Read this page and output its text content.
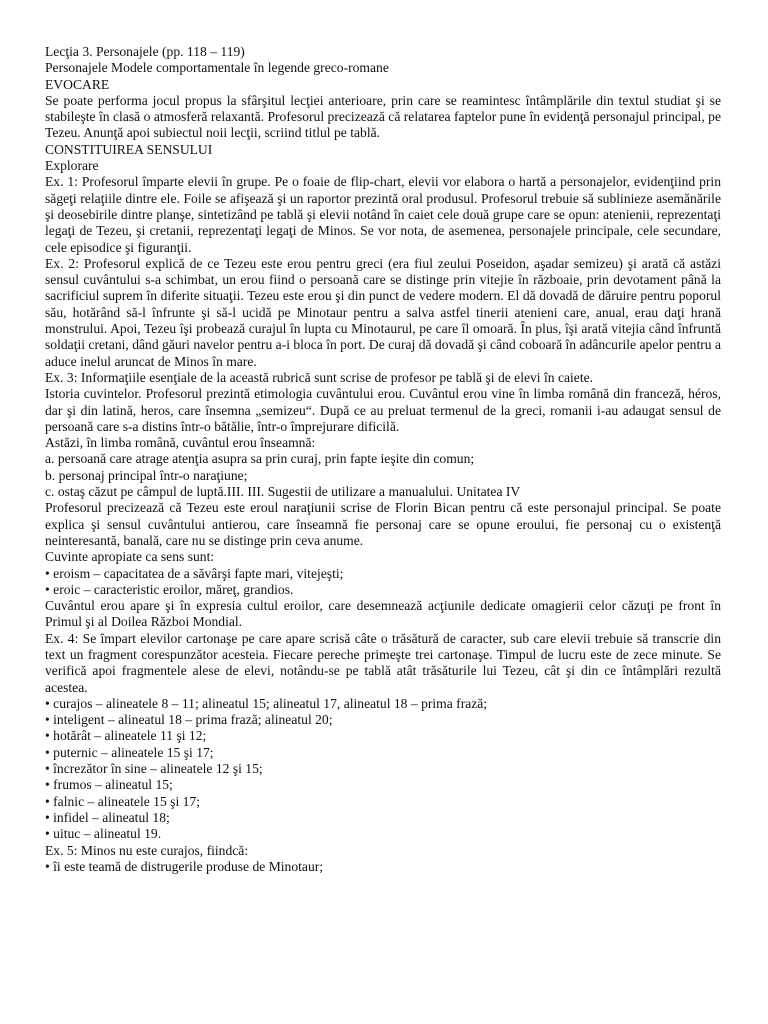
Lecţia 3. Personajele (pp. 118 – 119)

Personajele Modele comportamentale în legende greco-romane

EVOCARE

Se poate performa jocul propus la sfârşitul lecţiei anterioare, prin care se reamintesc întâmplările din textul studiat şi se stabileşte în clasă o atmosferă relaxantă. Profesorul precizează că relatarea faptelor pune în evidenţă personajul principal, pe Tezeu. Anunţă apoi subiectul noii lecţii, scriind titlul pe tablă.

CONSTITUIREA SENSULUI

Explorare

Ex. 1: Profesorul împarte elevii în grupe. Pe o foaie de flip-chart, elevii vor elabora o hartă a personajelor, evidenţiind prin săgeţi relaţiile dintre ele. Foile se afişează şi un raportor prezintă oral produsul. Profesorul trebuie să sublinieze asemănările şi deosebirile dintre planşe, sintetizând pe tablă şi elevii notând în caiet cele două grupe care se opun: atenienii, reprezentaţi legaţi de Tezeu, şi cretanii, reprezentaţi legaţi de Minos. Se vor nota, de asemenea, personajele principale, cele secundare, cele episodice şi figuranţii.

Ex. 2: Profesorul explică de ce Tezeu este erou pentru greci (era fiul zeului Poseidon, aşadar semizeu) şi arată că astăzi sensul cuvântului s-a schimbat, un erou fiind o persoană care se distinge prin vitejie în războaie, prin devotament până la sacrificiul suprem în diferite situaţii. Tezeu este erou şi din punct de vedere modern. El dă dovadă de dăruire pentru poporul său, hotărând să-l înfrunte şi să-l ucidă pe Minotaur pentru a salva astfel tinerii atenieni care, anual, erau daţi hrană monstrului. Apoi, Tezeu îşi probează curajul în lupta cu Minotaurul, pe care îl omoară. În plus, îşi arată vitejia când înfruntă soldaţii cretani, dând găuri navelor pentru a-i bloca în port. De curaj dă dovadă şi când coboară în adâncurile apelor pentru a aduce inelul aruncat de Minos în mare.

Ex. 3: Informaţiile esenţiale de la această rubrică sunt scrise de profesor pe tablă şi de elevi în caiete.

Istoria cuvintelor. Profesorul prezintă etimologia cuvântului erou. Cuvântul erou vine în limba română din franceză, héros, dar şi din latină, heros, care însemna „semizeu“. După ce au preluat termenul de la greci, romanii i-au adaugat sensul de persoană care s-a distins într-o bătălie, într-o împrejurare dificilă.

Astăzi, în limba română, cuvântul erou înseamnă:

a. persoană care atrage atenţia asupra sa prin curaj, prin fapte ieşite din comun;

b. personaj principal într-o naraţiune;

c. ostaş căzut pe câmpul de luptă.III. III. Sugestii de utilizare a manualului. Unitatea IV

Profesorul precizează că Tezeu este eroul naraţiunii scrise de Florin Bican pentru că este personajul principal. Se poate explica şi sensul cuvântului antierou, care înseamnă fie personaj care se opune eroului, fie personaj cu o existenţă neinteresantă, banală, care nu se distinge prin ceva anume.

Cuvinte apropiate ca sens sunt:

• eroism – capacitatea de a săvârşi fapte mari, vitejeşti;

• eroic – caracteristic eroilor, măreţ, grandios.

Cuvântul erou apare şi în expresia cultul eroilor, care desemnează acţiunile dedicate omagierii celor căzuţi pe front în Primul şi al Doilea Război Mondial.

Ex. 4: Se împart elevilor cartonaşe pe care apare scrisă câte o trăsătură de caracter, sub care elevii trebuie să transcrie din text un fragment corespunzător acesteia. Fiecare pereche primeşte trei cartonaşe. Timpul de lucru este de zece minute. Se verifică apoi fragmentele alese de elevi, notându-se pe tablă atât trăsăturile lui Tezeu, cât şi din ce întâmplări rezultă acestea.

• curajos – alineatele 8 – 11; alineatul 15; alineatul 17, alineatul 18 – prima frază;

• inteligent – alineatul 18 – prima frază; alineatul 20;

• hotărât – alineatele 11 şi 12;

• puternic – alineatele 15 şi 17;

• încrezător în sine – alineatele 12 şi 15;

• frumos – alineatul 15;

• falnic – alineatele 15 şi 17;

• infidel – alineatul 18;

• uituc – alineatul 19.

Ex. 5: Minos nu este curajos, fiindcă:

• îi este teamă de distrugerile produse de Minotaur;
